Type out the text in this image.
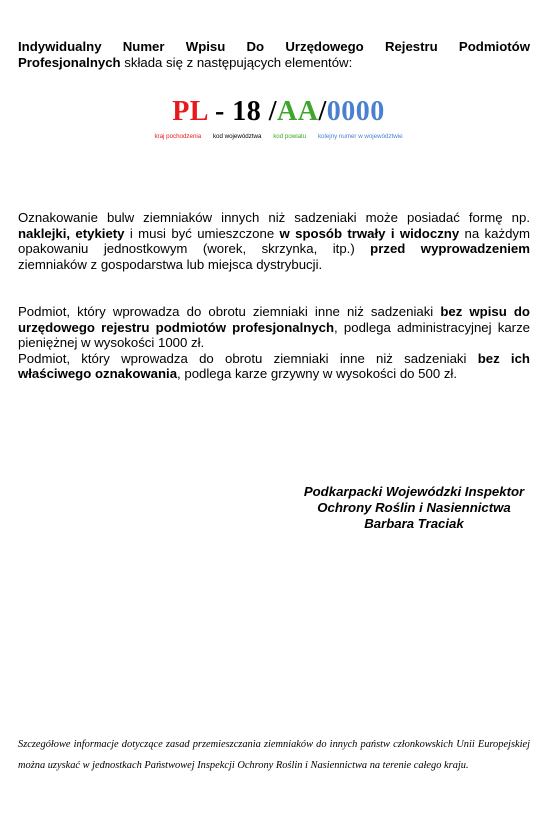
Indywidualny Numer Wpisu Do Urzędowego Rejestru Podmiotów Profesjonalnych składa się z następujących elementów:
PL - 18 /AA/0000
kraj pochodzenia kod województwa kod powiatu kolejny numer w województwie
Oznakowanie bulw ziemniaków innych niż sadzeniaki może posiadać formę np. naklejki, etykiety i musi być umieszczone w sposób trwały i widoczny na każdym opakowaniu jednostkowym (worek, skrzynka, itp.) przed wyprowadzeniem ziemniaków z gospodarstwa lub miejsca dystrybucji.
Podmiot, który wprowadza do obrotu ziemniaki inne niż sadzeniaki bez wpisu do urzędowego rejestru podmiotów profesjonalnych, podlega administracyjnej karze pieniężnej w wysokości 1000 zł.
Podmiot, który wprowadza do obrotu ziemniaki inne niż sadzeniaki bez ich właściwego oznakowania, podlega karze grzywny w wysokości do 500 zł.
Podkarpacki Wojewódzki Inspektor
Ochrony Roślin i Nasiennictwa
Barbara Traciak
Szczegółowe informacje dotyczące zasad przemieszczania ziemniaków do innych państw członkowskich Unii Europejskiej można uzyskać w jednostkach Państwowej Inspekcji Ochrony Roślin i Nasiennictwa na terenie całego kraju.
